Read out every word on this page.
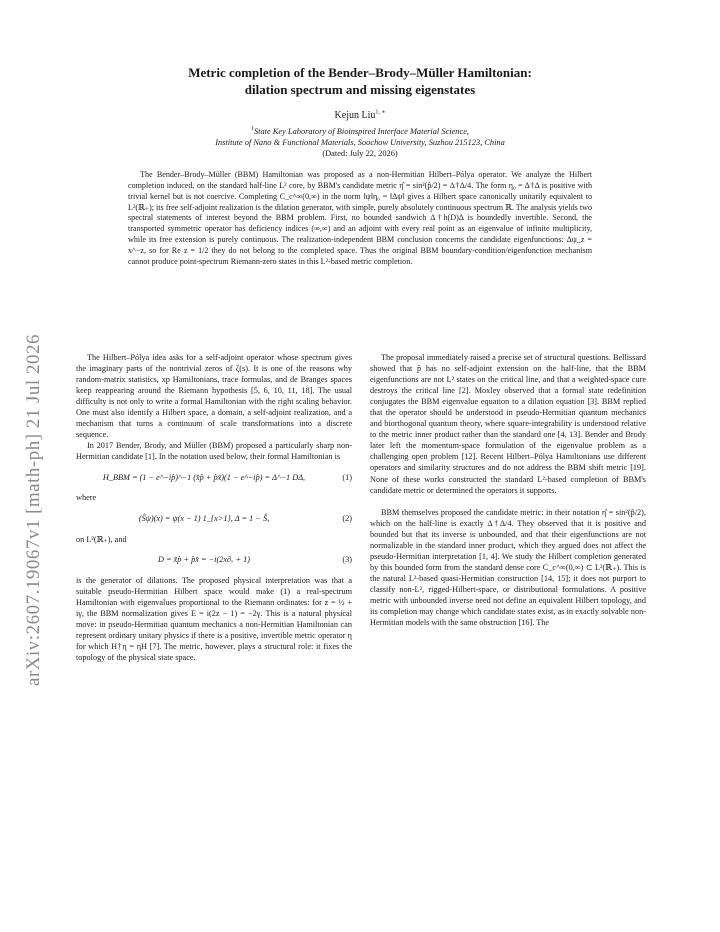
arXiv:2607.19067v1 [math-ph] 21 Jul 2026
Metric completion of the Bender–Brody–Müller Hamiltonian:
dilation spectrum and missing eigenstates
Kejun Liu$^{1, ∗}$
$^1$State Key Laboratory of Bioinspired Interface Material Science,
Institute of Nano & Functional Materials, Soochow University, Suzhou 215123, China
(Dated: July 22, 2026)

The Bender–Brody–Müller (BBM) Hamiltonian was proposed as a non-Hermitian Hilbert–Pólya operator. We analyze the Hilbert completion induced, on the standard half-line L² core, by BBM's candidate metric η̂ = sin²(p̂/2) = Δ†Δ/4. The form η₀ = Δ†Δ is positive with trivial kernel but is not coercive. Completing C_c^∞(0,∞) in the norm ‖ψ‖η₀ = ‖Δψ‖ gives a Hilbert space canonically unitarily equivalent to L²(ℝ₊); its free self-adjoint realization is the dilation generator, with simple, purely absolutely continuous spectrum ℝ. The analysis yields two spectral statements of interest beyond the BBM problem. First, no bounded sandwich Δ†h(D)Δ is boundedly invertible. Second, the transported symmetric operator has deficiency indices (∞,∞) and an adjoint with every real point as an eigenvalue of infinite multiplicity, while its free extension is purely continuous. The realization-independent BBM conclusion concerns the candidate eigenfunctions: Δψ_z = x^−z, so for Re z = 1/2 they do not belong to the completed space. Thus the original BBM boundary-condition/eigenfunction mechanism cannot produce point-spectrum Riemann-zero states in this L²-based metric completion.

The Hilbert–Pólya idea asks for a self-adjoint operator whose spectrum gives the imaginary parts of the nontrivial zeros of ζ(s). It is one of the reasons why random-matrix statistics, xp Hamiltonians, trace formulas, and de Branges spaces keep reappearing around the Riemann hypothesis [5, 6, 10, 11, 18]. The usual difficulty is not only to write a formal Hamiltonian with the right scaling behavior. One must also identify a Hilbert space, a domain, a self-adjoint realization, and a mechanism that turns a continuum of scale transformations into a discrete sequence.

In 2017 Bender, Brody, and Müller (BBM) proposed a particularly sharp non-Hermitian candidate [1]. In the notation used below, their formal Hamiltonian is

H_BBM = (1 − e^−ip̂)^−1 (x̂p̂ + p̂x̂)(1 − e^−ip̂) = Δ^−1 DΔ,	(1)

where

(Ŝψ)(x) = ψ(x − 1) 1_{x>1}, Δ = 1 − Ŝ,	(2)

on L²(ℝ₊), and

D = x̂p̂ + p̂x̂ = −i(2x∂ₓ + 1)	(3)

is the generator of dilations. The proposed physical interpretation was that a suitable pseudo-Hermitian Hilbert space would make (1) a real-spectrum Hamiltonian with eigenvalues proportional to the Riemann ordinates: for z = ½ + iγ, the BBM normalization gives E = i(2z − 1) = −2γ. This is a natural physical move: in pseudo-Hermitian quantum mechanics a non-Hermitian Hamiltonian can represent ordinary unitary physics if there is a positive, invertible metric operator η for which H†η = ηH [7]. The metric, however, plays a structural role: it fixes the topology of the physical state space.

The proposal immediately raised a precise set of structural questions. Bellissard showed that p̂ has no self-adjoint extension on the half-line, that the BBM eigenfunctions are not L² states on the critical line, and that a weighted-space cure destroys the critical line [2]. Moxley observed that a formal state redefinition conjugates the BBM eigenvalue equation to a dilation equation [3]. BBM replied that the operator should be understood in pseudo-Hermitian quantum mechanics and biorthogonal quantum theory, where square-integrability is understood relative to the metric inner product rather than the standard one [4, 13]. Bender and Brody later left the momentum-space formulation of the eigenvalue problem as a challenging open problem [12]. Recent Hilbert–Pólya Hamiltonians use different operators and similarity structures and do not address the BBM shift metric [19]. None of these works constructed the standard L²-based completion of BBM's candidate metric or determined the operators it supports.

BBM themselves proposed the candidate metric: in their notation η̂ = sin²(p̂/2), which on the half-line is exactly Δ†Δ/4. They observed that it is positive and bounded but that its inverse is unbounded, and that their eigenfunctions are not normalizable in the standard inner product, which they argued does not affect the pseudo-Hermitian interpretation [1, 4]. We study the Hilbert completion generated by this bounded form from the standard dense core C_c^∞(0,∞) ⊂ L²(ℝ₊). This is the natural L²-based quasi-Hermitian construction [14, 15]; it does not purport to classify non-L², rigged-Hilbert-space, or distributional formulations. A positive metric with unbounded inverse need not define an equivalent Hilbert topology, and its completion may change which candidate states exist, as in exactly solvable non-Hermitian models with the same obstruction [16]. The
